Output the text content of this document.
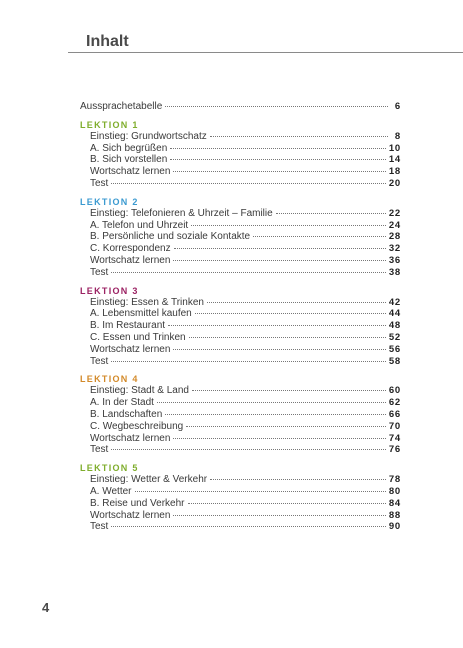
Inhalt
Aussprachetabelle	6
LEKTION 1
Einstieg: Grundwortschatz	8
A. Sich begrüßen	10
B. Sich vorstellen	14
Wortschatz lernen	18
Test	20
LEKTION 2
Einstieg: Telefonieren & Uhrzeit – Familie	22
A. Telefon und Uhrzeit	24
B. Persönliche und soziale Kontakte	28
C. Korrespondenz	32
Wortschatz lernen	36
Test	38
LEKTION 3
Einstieg: Essen & Trinken	42
A. Lebensmittel kaufen	44
B. Im Restaurant	48
C. Essen und Trinken	52
Wortschatz lernen	56
Test	58
LEKTION 4
Einstieg: Stadt & Land	60
A. In der Stadt	62
B. Landschaften	66
C. Wegbeschreibung	70
Wortschatz lernen	74
Test	76
LEKTION 5
Einstieg: Wetter & Verkehr	78
A. Wetter	80
B. Reise und Verkehr	84
Wortschatz lernen	88
Test	90
4
